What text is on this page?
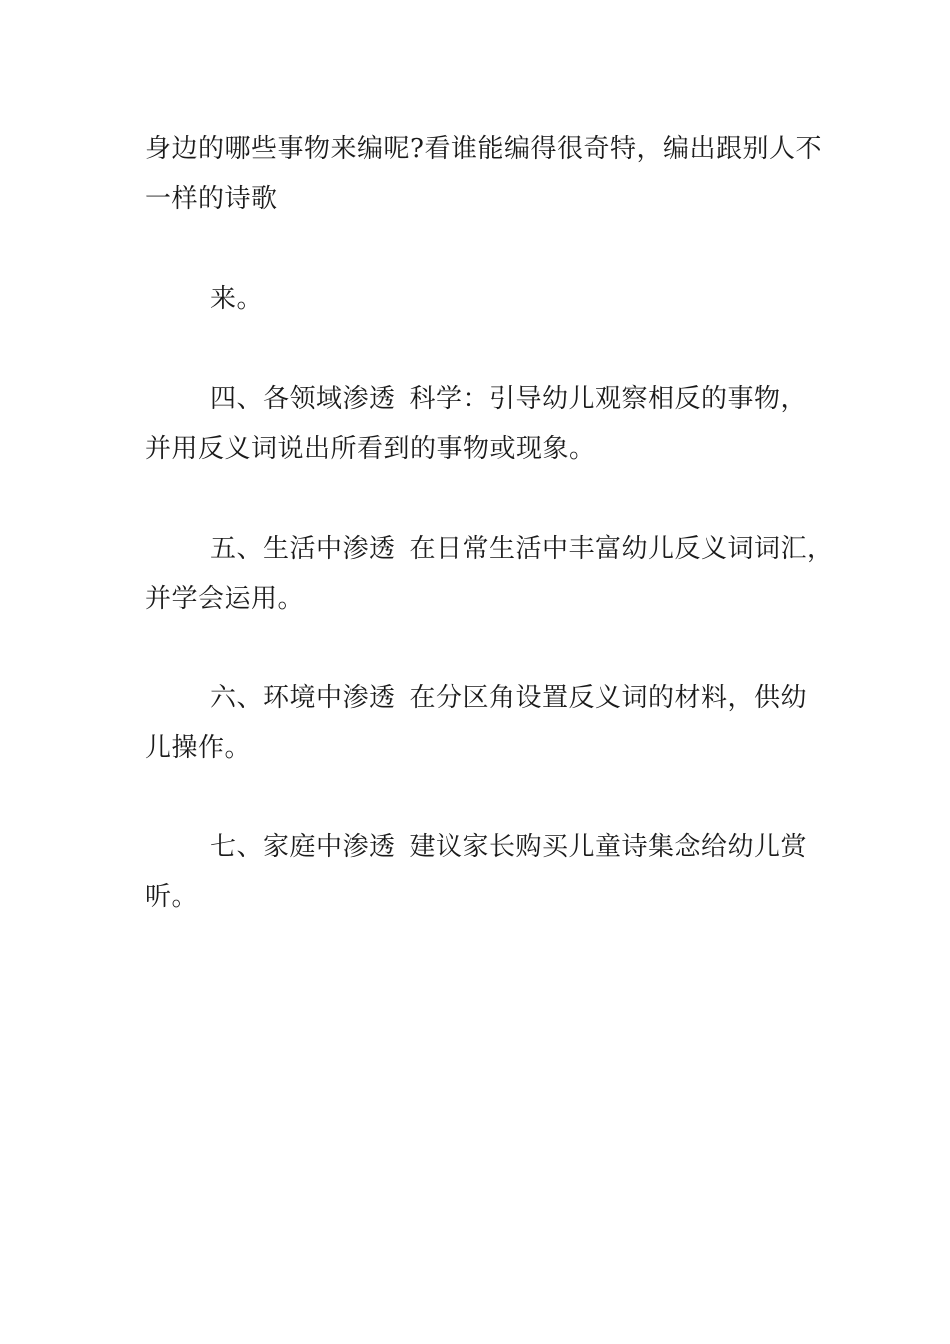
身边的哪些事物来编呢?看谁能编得很奇特，编出跟别人不
一样的诗歌
来。
四、各领域渗透 科学：引导幼儿观察相反的事物，
并用反义词说出所看到的事物或现象。
五、生活中渗透 在日常生活中丰富幼儿反义词词汇，
并学会运用。
六、环境中渗透 在分区角设置反义词的材料，供幼
儿操作。
七、家庭中渗透 建议家长购买儿童诗集念给幼儿赏
听。
